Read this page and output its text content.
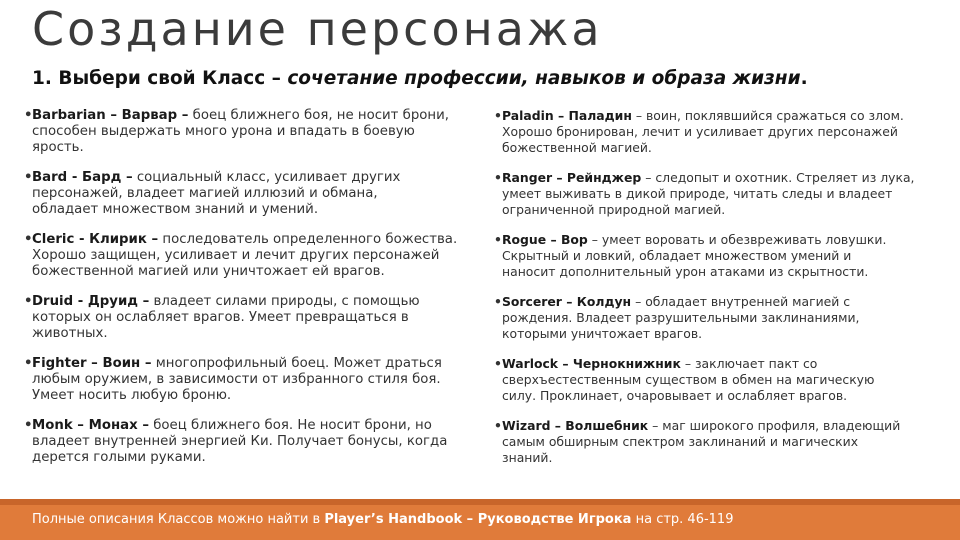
Создание персонажа
1. Выбери свой Класс – сочетание профессии, навыков и образа жизни.
• Barbarian – Варвар – боец ближнего боя, не носит брони,
способен выдержать много урона и впадать в боевую
ярость.
• Bard - Бард – социальный класс, усиливает других
персонажей, владеет магией иллюзий и обмана,
обладает множеством знаний и умений.
• Cleric - Клирик – последователь определенного божества.
Хорошо защищен, усиливает и лечит других персонажей
божественной магией или уничтожает ей врагов.
• Druid - Друид – владеет силами природы, с помощью
которых он ослабляет врагов. Умеет превращаться в
животных.
• Fighter – Воин – многопрофильный боец. Может драться
любым оружием, в зависимости от избранного стиля боя.
Умеет носить любую броню.
• Monk – Монах – боец ближнего боя. Не носит брони, но
владеет внутренней энергией Ки. Получает бонусы, когда
дерется голыми руками.
• Paladin – Паладин – воин, поклявшийся сражаться со злом.
Хорошо бронирован, лечит и усиливает других персонажей
божественной магией.
• Ranger – Рейнджер – следопыт и охотник. Стреляет из лука,
умеет выживать в дикой природе, читать следы и владеет
ограниченной природной магией.
• Rogue – Вор – умеет воровать и обезвреживать ловушки.
Скрытный и ловкий, обладает множеством умений и
наносит дополнительный урон атаками из скрытности.
• Sorcerer – Колдун – обладает внутренней магией с
рождения. Владеет разрушительными заклинаниями,
которыми уничтожает врагов.
• Warlock – Чернокнижник – заключает пакт со
сверхъестественным существом в обмен на магическую
силу. Проклинает, очаровывает и ослабляет врагов.
• Wizard – Волшебник – маг широкого профиля, владеющий
самым обширным спектром заклинаний и магических
знаний.
Полные описания Классов можно найти в Player’s Handbook – Руководстве Игрока на стр. 46-119
